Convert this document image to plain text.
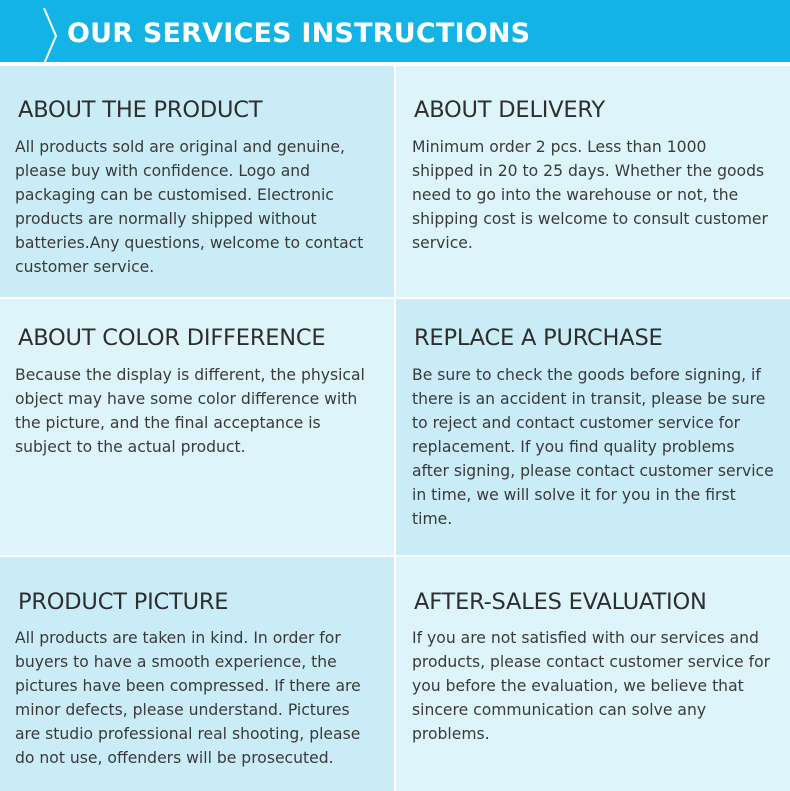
OUR SERVICES INSTRUCTIONS
ABOUT THE PRODUCT

All products sold are original and genuine,
please buy with confidence. Logo and
packaging can be customised. Electronic
products are normally shipped without
batteries.Any questions, welcome to contact
customer service.

ABOUT DELIVERY

Minimum order 2 pcs. Less than 1000
shipped in 20 to 25 days. Whether the goods
need to go into the warehouse or not, the
shipping cost is welcome to consult customer
service.

ABOUT COLOR DIFFERENCE

Because the display is different, the physical
object may have some color difference with
the picture, and the final acceptance is
subject to the actual product.

REPLACE A PURCHASE

Be sure to check the goods before signing, if
there is an accident in transit, please be sure
to reject and contact customer service for
replacement. If you find quality problems
after signing, please contact customer service
in time, we will solve it for you in the first
time.

PRODUCT PICTURE

All products are taken in kind. In order for
buyers to have a smooth experience, the
pictures have been compressed. If there are
minor defects, please understand. Pictures
are studio professional real shooting, please
do not use, offenders will be prosecuted.

AFTER-SALES EVALUATION

If you are not satisfied with our services and
products, please contact customer service for
you before the evaluation, we believe that
sincere communication can solve any
problems.
